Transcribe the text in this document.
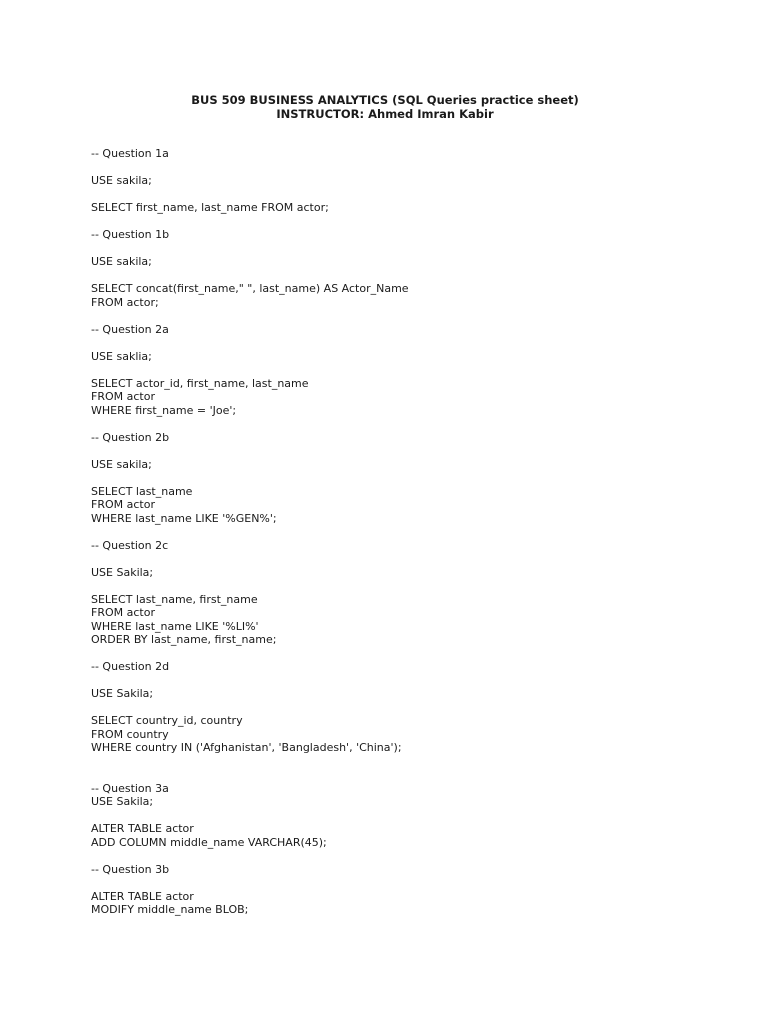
BUS 509 BUSINESS ANALYTICS (SQL Queries practice sheet)
INSTRUCTOR: Ahmed Imran Kabir
-- Question 1a
USE sakila;
SELECT first_name, last_name FROM actor;
-- Question 1b
USE sakila;
SELECT concat(first_name," ", last_name) AS Actor_Name
FROM actor;
-- Question 2a
USE saklia;
SELECT actor_id, first_name, last_name
FROM actor
WHERE first_name = 'Joe';
-- Question 2b
USE sakila;
SELECT last_name
FROM actor
WHERE last_name LIKE '%GEN%';
-- Question 2c
USE Sakila;
SELECT last_name, first_name
FROM actor
WHERE last_name LIKE '%LI%'
ORDER BY last_name, first_name;
-- Question 2d
USE Sakila;
SELECT country_id, country
FROM country
WHERE country IN ('Afghanistan', 'Bangladesh', 'China');
-- Question 3a
USE Sakila;
ALTER TABLE actor
ADD COLUMN middle_name VARCHAR(45);
-- Question 3b
ALTER TABLE actor
MODIFY middle_name BLOB;
